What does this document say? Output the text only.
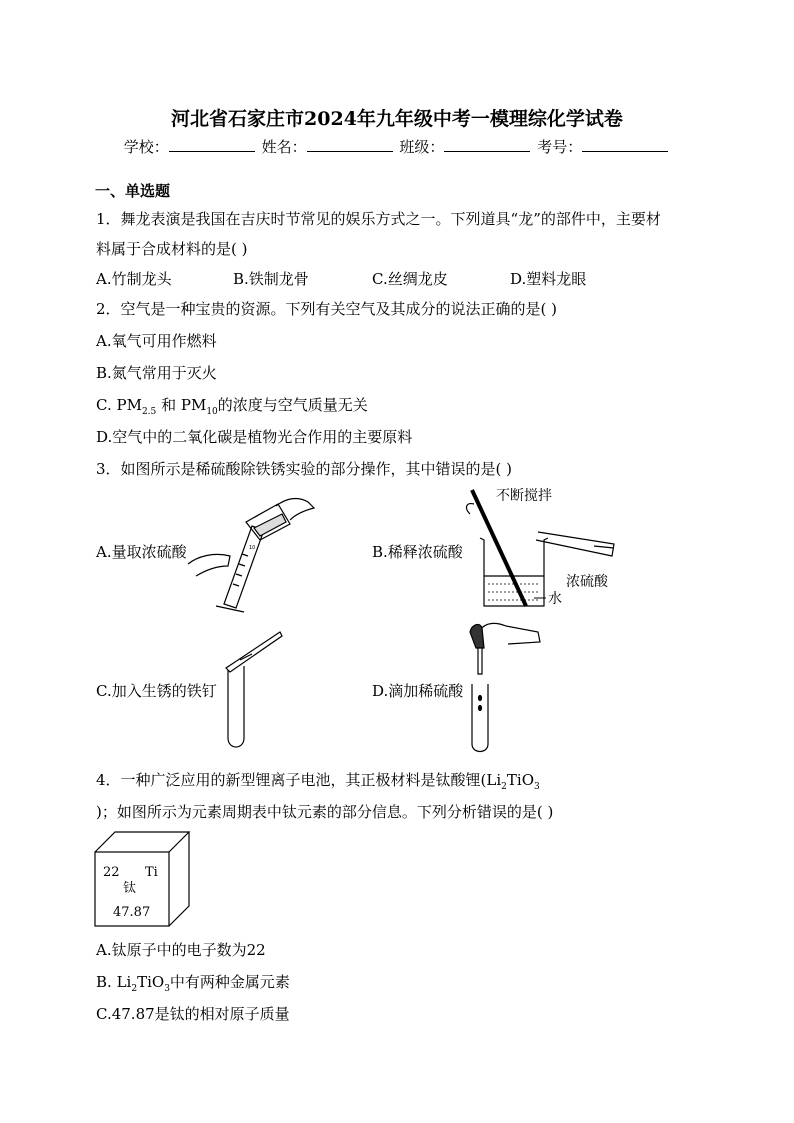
河北省石家庄市2024年九年级中考一模理综化学试卷
学校：	姓名：	班级：	考号：
一、单选题
1．舞龙表演是我国在吉庆时节常见的娱乐方式之一。下列道具“龙”的部件中，主要材
料属于合成材料的是( )
A.竹制龙头	B.铁制龙骨	C.丝绸龙皮	D.塑料龙眼
2．空气是一种宝贵的资源。下列有关空气及其成分的说法正确的是( )
A.氧气可用作燃料
B.氮气常用于灭火
C. $PM_{2.5}$ 和 $PM_{10}$的浓度与空气质量无关
D.空气中的二氧化碳是植物光合作用的主要原料
3．如图所示是稀硫酸除铁锈实验的部分操作，其中错误的是( )
A.量取浓硫酸	B.稀释浓硫酸
C.加入生锈的铁钉	D.滴加稀硫酸
10
不断搅拌
浓硫酸
水
4．一种广泛应用的新型锂离子电池，其正极材料是钛酸锂($Li_2TiO_3$
)；如图所示为元素周期表中钛元素的部分信息。下列分析错误的是( )
22 Ti
钛
47.87
A.钛原子中的电子数为22
B. $Li_2TiO_3$中有两种金属元素
C.47.87是钛的相对原子质量
